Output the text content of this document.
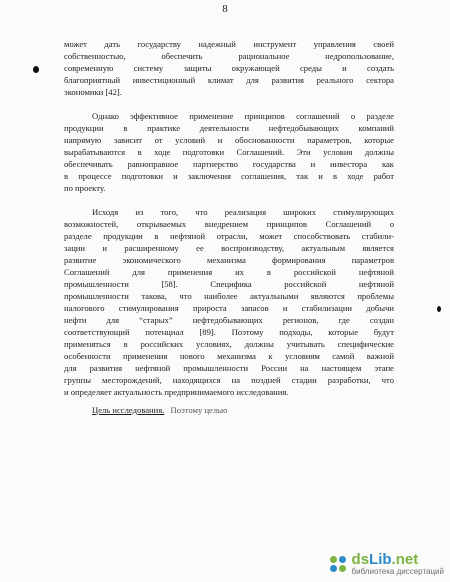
8
может дать государству надежный инструмент управления своей
собственностью, обеспечить рациональное недропользование,
современную систему защиты окружающей среды и создать
благоприятный инвестиционный климат для развития реального сектора
экономики [42].
Однако эффективное применение принципов соглашений о разделе
продукции в практике деятельности нефтедобывающих компаний
напрямую зависит от условий и обоснованности параметров, которые
вырабатываются в ходе подготовки Соглашений. Эти условия должны
обеспечивать равноправное партнерство государства и инвестора как
в процессе подготовки и заключения соглашения, так и в ходе работ
по проекту.
Исходя из того, что реализация широких стимулирующих
возможностей, открываемых внедрением принципов Соглашений о
разделе продукции в нефтяной отрасли, может способствовать стабили-
зации и расширенному ее воспроизводству, актуальным является
развитие экономического механизма формирования параметров
Соглашений для применения их в российской нефтяной
промышленности [58]. Специфика российской нефтяной
промышленности такова, что наиболее актуальными являются проблемы
налогового стимулирования прироста запасов и стабилизации добычи
нефти для “старых” нефтедобывающих регионов, где создан
соответствующий потенциал [89]. Поэтому подходы, которые будут
применяться в российских условиях, должны учитывать специфические
особенности применения нового механизма к условиям самой важной
для развития нефтяной промышленности России на настоящем этапе
группы месторождений, находящихся на поздней стадии разработки, что
и определяет актуальность предпринимаемого исследования.
Цель исследования. Поэтому целью
dsLib.net
библиотека диссертаций
